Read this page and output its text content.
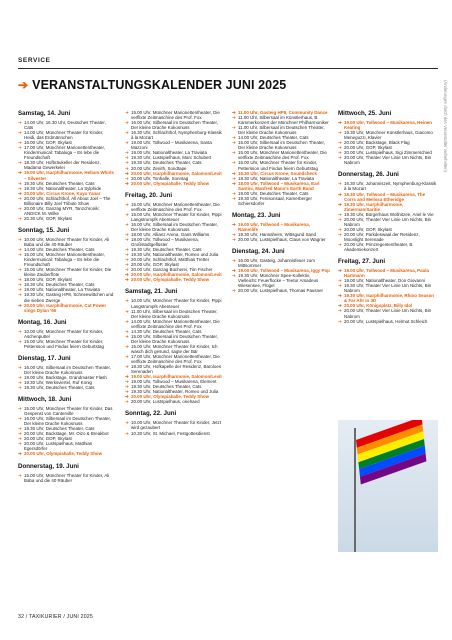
SERVICE
➔ VERANSTALTUNGSKALENDER JUNI 2025	(Änderungen durch den Veranstalter vorbehalten)
Samstag, 14. Juni
➔ 14.00 Uhr, 16.30 Uhr, Deutsches Theater, Cats
➔ 14.00 Uhr, Münchner Theater für Kinder, Heidi, das Erdmännchen
➔ 16.00 Uhr, GOP, Skylast
➔ 17.00 Uhr, Münchner Marionettentheater, Kindermusical: Tabaluga – Es lebe die Freundschaft
➔ 18.30 Uhr, Hofbräukeller der Residenz, Madama Gewerkelei
➔ 19.00 Uhr, Isarphilharmonie, Helium Whirls – Silvester
➔ 19.30 Uhr, Deutsches Theater, Cats
➔ 19.30 Uhr, Nationaltheater, La Sylphide
➔ 20.00 Uhr, Circus Krone, Kaya Yanar
➔ 20.00 Uhr, Schlachthof, All About Joel – The Billionaire Billy Joel Tribute Show
➔ 20.00 Uhr, Ganzag MYR, Tanzchronik: ANDICK M. Wilke
➔ 20.30 Uhr, GOP, Skylast
Sonntag, 15. Juni
➔ 10.00 Uhr, Münchner Theater für Kinder, Ali Baba und die 40 Räuber
➔ 14.00 Uhr, Deutsches Theater, Cats
➔ 15.00 Uhr, Münchner Marionettentheater, Kindermusical: Tabaluga – Es lebe die Freundschaft
➔ 15.00 Uhr, Münchner Theater für Kinder, Die kleine Zauberflöte
➔ 18.00 Uhr, GOP, Skylast
➔ 18.30 Uhr, Deutsches Theater, Cats
➔ 19.00 Uhr, Nationaltheater, La Traviata
➔ 19.30 Uhr, Gasteig HP8, Schneewittchen und die sieben Zwerge
➔ 20.00 Uhr, Isarphilharmonie, Cat Power sings Dylan '66
Montag, 16. Juni
➔ 10.00 Uhr, Münchner Theater für Kinder, Aschenputtel
➔ 15.00 Uhr, Münchner Theater für Kinder, Pettersson und Findus feiern Geburtstag
Dienstag, 17. Juni
➔ 16.00 Uhr, Silbersaal im Deutschen Theater, Der kleine Drache Kokosnuss
➔ 19.00 Uhr, Backstage, Grandmaster Flash
➔ 19.30 Uhr, Werksviertel, Ruf König
➔ 19.30 Uhr, Deutsches Theater, Cats
Mittwoch, 18. Juni
➔ 15.00 Uhr, Münchner Theater für Kinder, Das Gespenst von Canterville
➔ 16.00 Uhr, Silbersaal im Deutschen Theater, Der kleine Drache Kokosnuss
➔ 19.30 Uhr, Deutsches Theater, Cats
➔ 20.00 Uhr, Backstage, Mr. Oizo & Breakbot
➔ 20.00 Uhr, GOP, Skylast
➔ 20.00 Uhr, Lustspielhaus, Matthias Egersdörfer
➔ 20.00 Uhr, Olympiahalle, Teddy Show
Donnerstag, 19. Juni
➔ 15.00 Uhr, Münchner Theater für Kinder, Ali Baba und die 40 Räuber
➔ 15.00 Uhr, Münchner Marionettentheater, Die verflixte Zeitmaschine des Prof. Fox
➔ 16.00 Uhr, Silbersaal im Deutschen Theater, Der kleine Drache Kokosnuss
➔ 16.30 Uhr, Schlachthof, Nymphenburg-Klassik à la Mozart
➔ 19.00 Uhr, Tollwood – Musikarena, Santa Mazzoni
➔ 19.00 Uhr, Nationaltheater, La Traviata
➔ 19.30 Uhr, Lustspielhaus, Marc Schubert
➔ 19.30 Uhr, Deutsches Theater, Cats
➔ 20.00 Uhr, Zenith, Sondtape
➔ 20.00 Uhr, Isarphilharmonie, Salomon/Levit
➔ 20.00 Uhr, Tonhalle, Sonntag
➔ 20.00 Uhr, Olympiahalle, Teddy Show
Freitag, 20. Juni
➔ 15.00 Uhr, Münchner Marionettentheater, Die verflixte Zeitmaschine des Prof. Fox
➔ 15.00 Uhr, Münchner Theater für Kinder, Pippi Langstrumpfs Abenteuer
➔ 16.00 Uhr, Silbersaal im Deutschen Theater, Der kleine Drache Kokosnuss
➔ 18.00 Uhr, Allianz Arena, Gans Williams
➔ 18.00 Uhr, Tollwood – Musikarena, Großstadtgeflüster
➔ 19.30 Uhr, Deutsches Theater, Cats
➔ 19.30 Uhr, Nationaltheater, Romeo und Julia
➔ 20.00 Uhr, Schlachthof, Matthias Tretter
➔ 20.00 Uhr, GOP, Skylast
➔ 20.00 Uhr, Ganzag Bücherei, Tim Fischer
➔ 20.00 Uhr, Isarphilharmonie, Salomon/Levit
➔ 20.00 Uhr, Olympiahalle, Teddy Show
Samstag, 21. Juni
➔ 10.00 Uhr, Münchner Theater für Kinder, Pippi Langstrumpfs Abenteuer
➔ 11.00 Uhr, Silbersaal im Deutschen Theater, Der kleine Drache Kokosnuss
➔ 14.00 Uhr, Münchner Marionettentheater, Die verflixte Zeitmaschine des Prof. Fox
➔ 14.30 Uhr, Deutsches Theater, Cats
➔ 15.00 Uhr, Silbersaal im Deutschen Theater, Der kleine Drache Kokosnuss
➔ 15.00 Uhr, Münchner Theater für Kinder, Ich wasch dich gesund, sagte der Bär
➔ 17.00 Uhr, Münchner Marionettentheater, Die verflixte Zeitmaschine des Prof. Fox
➔ 18.30 Uhr, Hofkapelle der Residenz, Baroloes Serenaden
➔ 19.00 Uhr, Isarphilharmonie, Salomon/Levit
➔ 19.00 Uhr, Tollwood – Musikarena, Element
➔ 19.30 Uhr, Deutsches Theater, Cats
➔ 19.30 Uhr, Nationaltheater, Romeo und Julia
➔ 20.00 Uhr, Olympiahalle, Teddy Show
➔ 20.00 Uhr, Lustspielhaus, onehaed
Sonntag, 22. Juni
➔ 10.00 Uhr, Münchner Theater für Kinder, Jetzt wird gezaubert
➔ 10.30 Uhr, St. Michael, Festgottesdienst
➔ 11.00 Uhr, Gasteig HP8, Community Dance
➔ 11.00 Uhr, Silbersaal im Künstlerhaus, B. Kammerkonzert der Münchner Philharmoniker
➔ 11.00 Uhr, Silbersaal im Deutschen Theater, Der kleine Drache Kokosnuss
➔ 14.00 Uhr, Deutsches Theater, Cats
➔ 15.00 Uhr, Silbersaal im Deutschen Theater, Der kleine Drache Kokosnuss
➔ 15.00 Uhr, Münchner Marionettentheater, Die verflixte Zeitmaschine des Prof. Fox
➔ 16.00 Uhr, Münchner Theater für Kinder, Pettersson und Findus feiern Geburtstag
➔ 16.30 Uhr, Circus Krone, Soundcheck
➔ 18.30 Uhr, Nationaltheater, La Traviata
➔ 18.00 Uhr, Tollwood – Musikarena, Earl Santini, Manfred Mann's Earth Band
➔ 19.00 Uhr, Deutsches Theater, Cats
➔ 19.30 Uhr, Fenisonsaal, Kamerberger Schiersdorfer
Montag, 23. Juni
➔ 19.00 Uhr, Tollwood – Musikarena, Rammlife
➔ 19.30 Uhr, Hansaheim, Wittsgund Sand
➔ 20.00 Uhr, Lustspielhaus, Claus von Wagner
Dienstag, 24. Juni
➔ 16.00 Uhr, Gasteig, Johannisfeuer zum Mittsommer
➔ 19.00 Uhr, Tollwood – Musikarena, Iggy Pop
➔ 19.30 Uhr, Münchner Spee-Kollektiv, Vielleicht: Feuerflocke – Teetur Amadeus Wiesensee, Flügel
➔ 20.00 Uhr, Lustspielhaus, Thomas Pausner
Mittwoch, 25. Juni
➔ 19.00 Uhr, Tollwood – Musikarena, Heinen Keating
➔ 19.30 Uhr, Münchner Künstlerhaus, Giacomo Meneguzzi, Klavier
➔ 20.00 Uhr, Backstage, Black Flag
➔ 20.00 Uhr, GOP, Skylast
➔ 20.00 Uhr, Lustspielhaus, Sigi Zimmerschied
➔ 20.00 Uhr, Theater Vier Linie Um Nichts, Bin Nabrom
Donnerstag, 26. Juni
➔ 16.30 Uhr, Johanniszeit, Nymphenburg-Klassik à la Mozart
➔ 18.30 Uhr, Tollwood – Musikarena, The Corrs and Melissa Etheridge
➔ 19.30 Uhr, Isarphilharmonie, Zimerman/Saritie
➔ 19.30 Uhr, Bürgerhaus Wollnitzee, Ariel le Vie
➔ 20.00 Uhr, Theater Vier Linie Um Nichts, Bin Nabrom
➔ 20.00 Uhr, GOP, Skylast
➔ 20.00 Uhr, Parkdeswaal der Residenz, Moonlight Serenade
➔ 20.00 Uhr, Prinzregententheater, B. Akademiekonzert
Freitag, 27. Juni
➔ 19.00 Uhr, Tollwood – Musikarena, Paula Hartmann
➔ 19.00 Uhr, Nationaltheater, Don Giovanni
➔ 19.30 Uhr, Theater Vier Linie Um Nichts, Bin Nabrom
➔ 19.30 Uhr, Isarphilharmonie, Rhino Season & Far Ahr in 3D
➔ 20.00 Uhr, Königsplatz, Billy Idol
➔ 20.00 Uhr, Theater Vier Linie Um Nichts, Bin Nabrom
➔ 20.00 Uhr, Lustspielhaus, Helmut Schleich
32 / TAXIKURIER / JUNI 2025
